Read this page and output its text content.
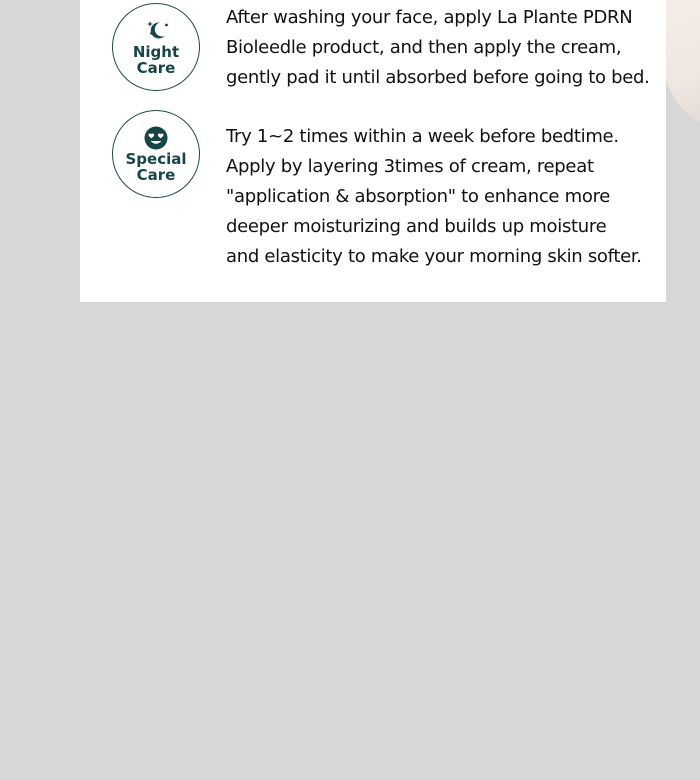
Night
Care
After washing your face, apply La Plante PDRN
Bioleedle product, and then apply the cream,
gently pad it until absorbed before going to bed.
Special
Care
Try 1~2 times within a week before bedtime.
Apply by layering 3times of cream, repeat
"application & absorption" to enhance more
deeper moisturizing and builds up moisture
and elasticity to make your morning skin softer.
